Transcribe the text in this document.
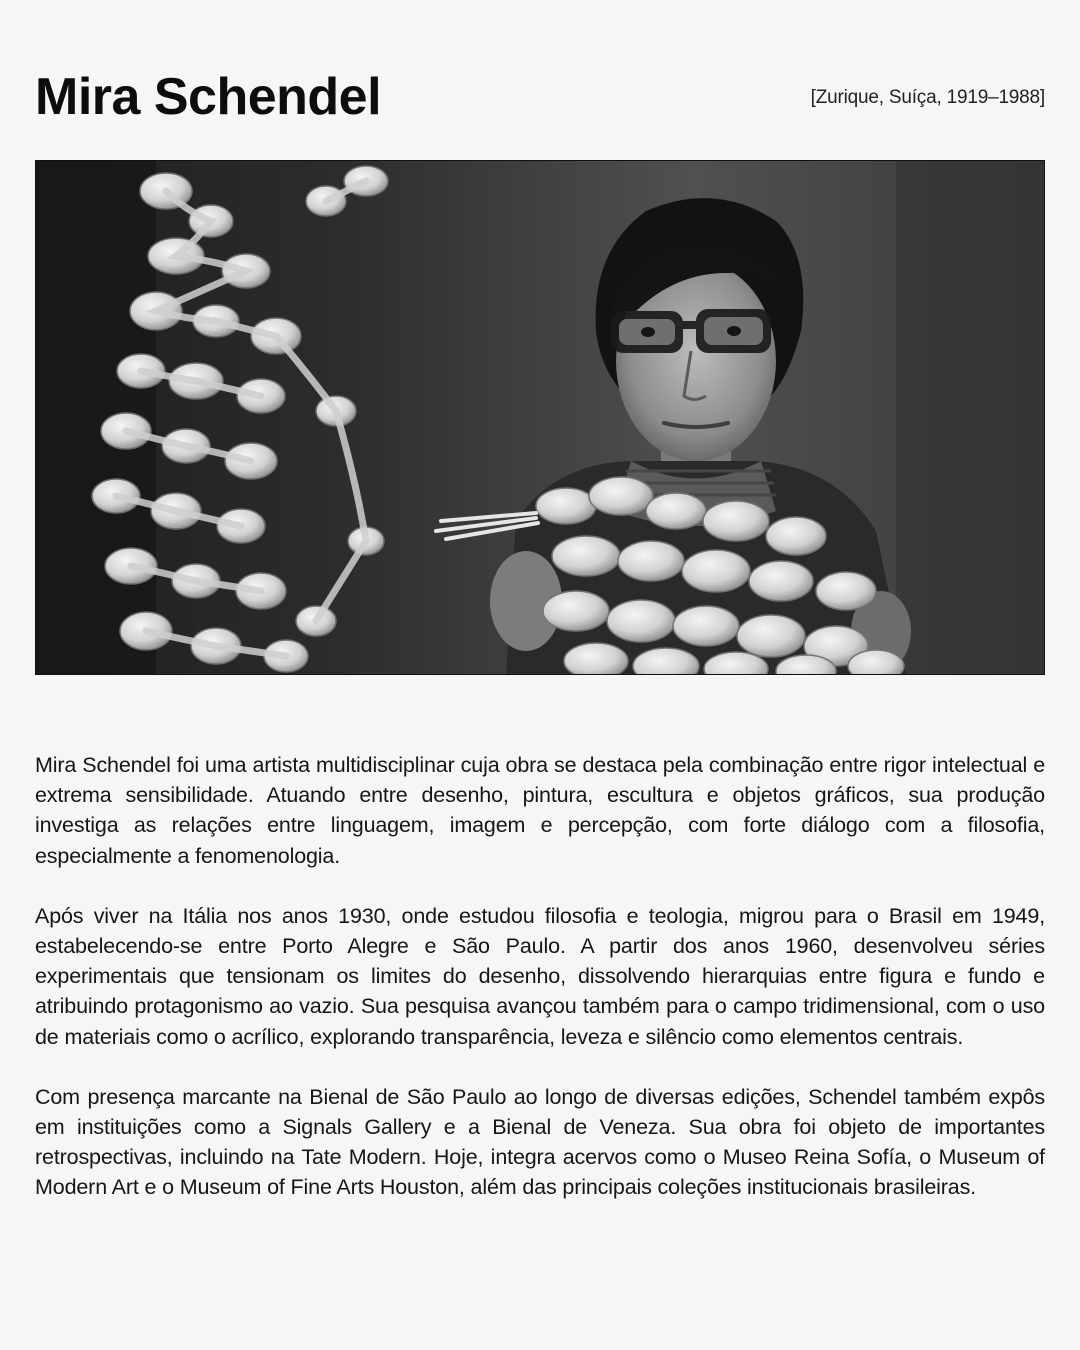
Mira Schendel	[Zurique, Suíça, 1919–1988]

Mira Schendel foi uma artista multidisciplinar cuja obra se destaca pela combinação entre rigor intelectual e extrema sensibilidade. Atuando entre desenho, pintura, escultura e objetos gráficos, sua produção investiga as relações entre linguagem, imagem e percepção, com forte diálogo com a filosofia, especialmente a fenomenologia.

Após viver na Itália nos anos 1930, onde estudou filosofia e teologia, migrou para o Brasil em 1949, estabelecendo-se entre Porto Alegre e São Paulo. A partir dos anos 1960, desenvolveu séries experimentais que tensionam os limites do desenho, dissolvendo hierarquias entre figura e fundo e atribuindo protagonismo ao vazio. Sua pesquisa avançou também para o campo tridimensional, com o uso de materiais como o acrílico, explorando transparência, leveza e silêncio como elementos centrais.

Com presença marcante na Bienal de São Paulo ao longo de diversas edições, Schendel também expôs em instituições como a Signals Gallery e a Bienal de Veneza. Sua obra foi objeto de importantes retrospectivas, incluindo na Tate Modern. Hoje, integra acervos como o Museo Reina Sofía, o Museum of Modern Art e o Museum of Fine Arts Houston, além das principais coleções institucionais brasileiras.
